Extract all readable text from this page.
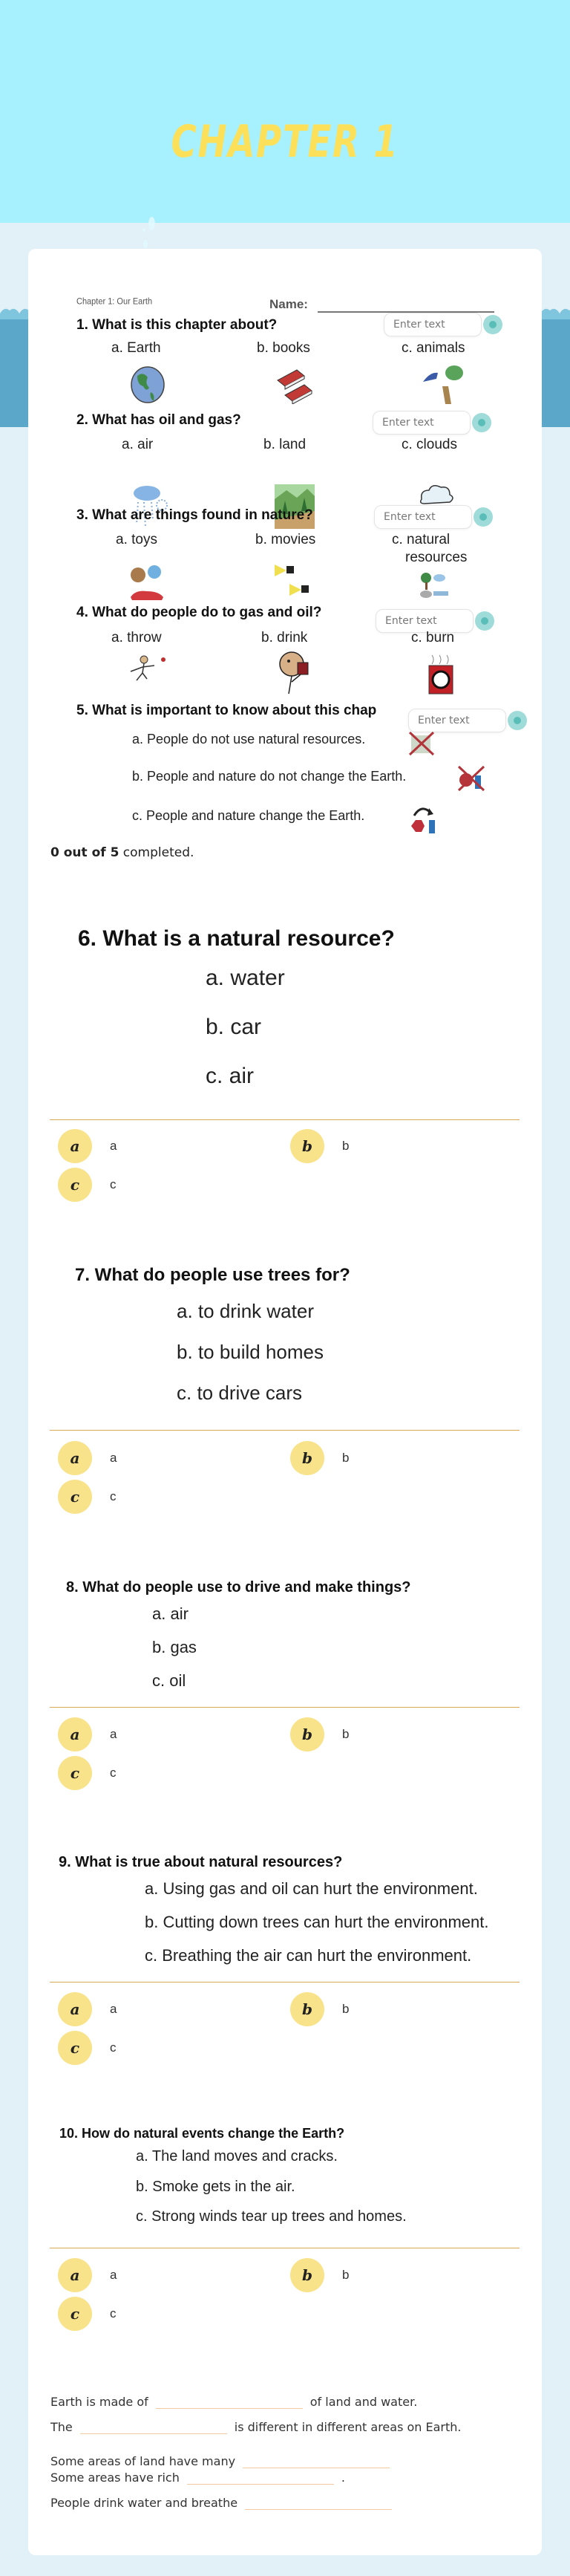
CHAPTER 1
Chapter 1: Our Earth	Name:
1. What is this chapter about?
Enter text
a. Earth	b. books	c. animals
2. What has oil and gas?
Enter text
a. air	b. land	c. clouds
3. What are things found in nature?
Enter text
a. toys	b. movies	c. natural
resources
4. What do people do to gas and oil?
Enter text
a. throw	b. drink	c. burn
5. What is important to know about this chap
Enter text
a. People do not use natural resources.
b. People and nature do not change the Earth.
c. People and nature change the Earth.
0 out of 5 completed.
6. What is a natural resource?
a. water
b. car
c. air
a	a	b	b
c	c
7. What do people use trees for?
a. to drink water
b. to build homes
c. to drive cars
a	a	b	b
c	c
8. What do people use to drive and make things?
a. air
b. gas
c. oil
a	a	b	b
c	c
9. What is true about natural resources?
a. Using gas and oil can hurt the environment.
b. Cutting down trees can hurt the environment.
c. Breathing the air can hurt the environment.
a	a	b	b
c	c
10. How do natural events change the Earth?
a. The land moves and cracks.
b. Smoke gets in the air.
c. Strong winds tear up trees and homes.
a	a	b	b
c	c
Earth is made of	of land and water.
The	is different in different areas on Earth.
Some areas of land have many
Some areas have rich	.
People drink water and breathe
